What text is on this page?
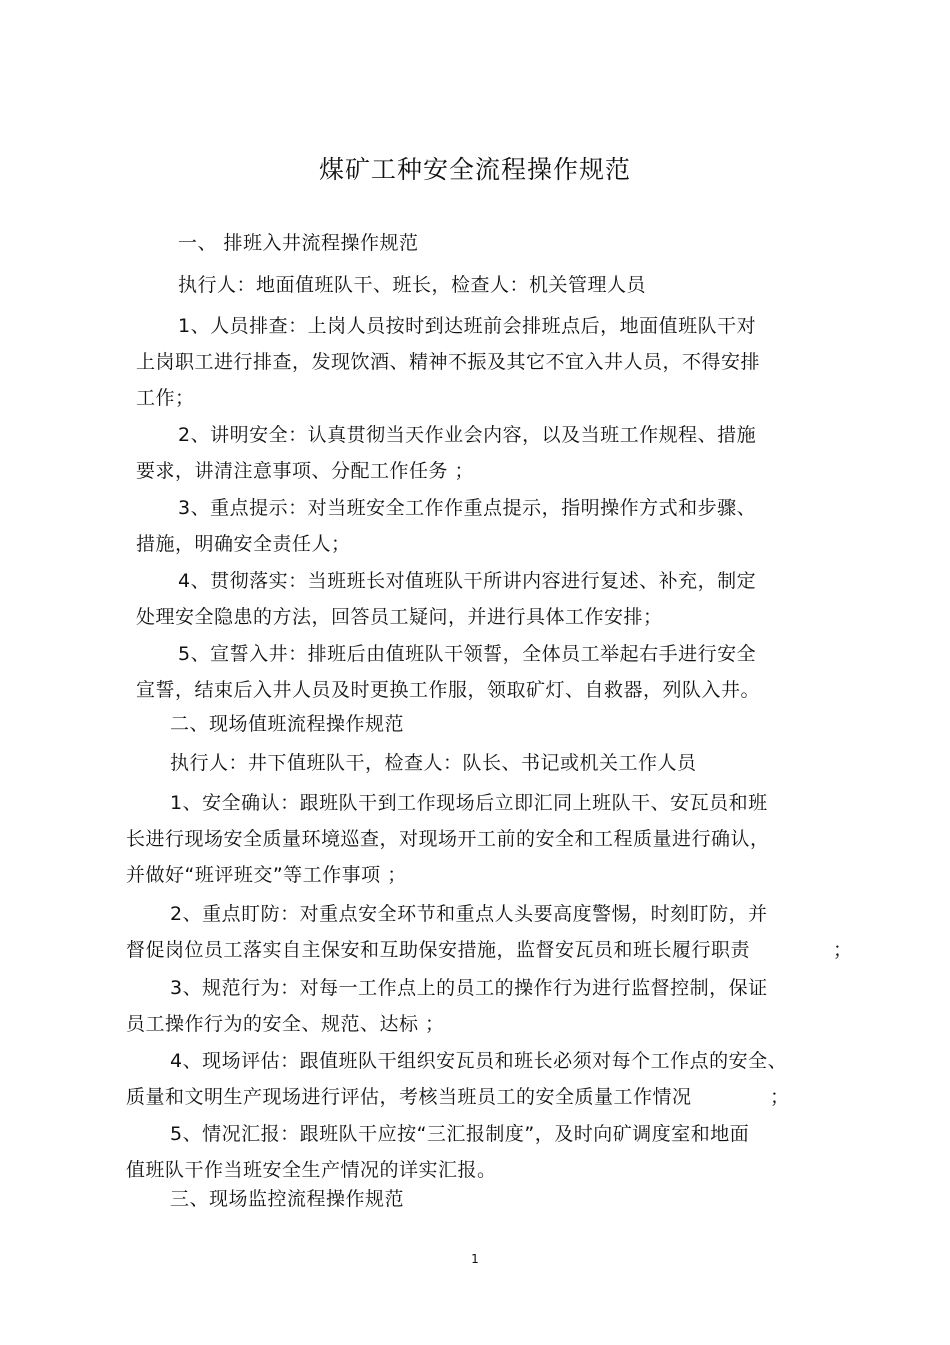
煤矿工种安全流程操作规范
一、 排班入井流程操作规范
执行人：地面值班队干、班长，检查人：机关管理人员
1、人员排查：上岗人员按时到达班前会排班点后，地面值班队干对
上岗职工进行排查，发现饮酒、精神不振及其它不宜入井人员，不得安排
工作；
2、讲明安全：认真贯彻当天作业会内容，以及当班工作规程、措施
要求，讲清注意事项、分配工作任务 ；
3、重点提示：对当班安全工作作重点提示，指明操作方式和步骤、
措施，明确安全责任人；
4、贯彻落实：当班班长对值班队干所讲内容进行复述、补充，制定
处理安全隐患的方法，回答员工疑问，并进行具体工作安排；
5、宣誓入井：排班后由值班队干领誓，全体员工举起右手进行安全
宣誓，结束后入井人员及时更换工作服，领取矿灯、自救器，列队入井。
二、现场值班流程操作规范
执行人：井下值班队干，检查人：队长、书记或机关工作人员
1、安全确认：跟班队干到工作现场后立即汇同上班队干、安瓦员和班
长进行现场安全质量环境巡查，对现场开工前的安全和工程质量进行确认，
并做好“班评班交”等工作事项 ；
2、重点盯防：对重点安全环节和重点人头要高度警惕，时刻盯防，并
督促岗位员工落实自主保安和互助保安措施，监督安瓦员和班长履行职责	；
3、规范行为：对每一工作点上的员工的操作行为进行监督控制，保证
员工操作行为的安全、规范、达标 ；
4、现场评估：跟值班队干组织安瓦员和班长必须对每个工作点的安全、
质量和文明生产现场进行评估，考核当班员工的安全质量工作情况	；
5、情况汇报：跟班队干应按“三汇报制度”，及时向矿调度室和地面
值班队干作当班安全生产情况的详实汇报。
三、现场监控流程操作规范
1
